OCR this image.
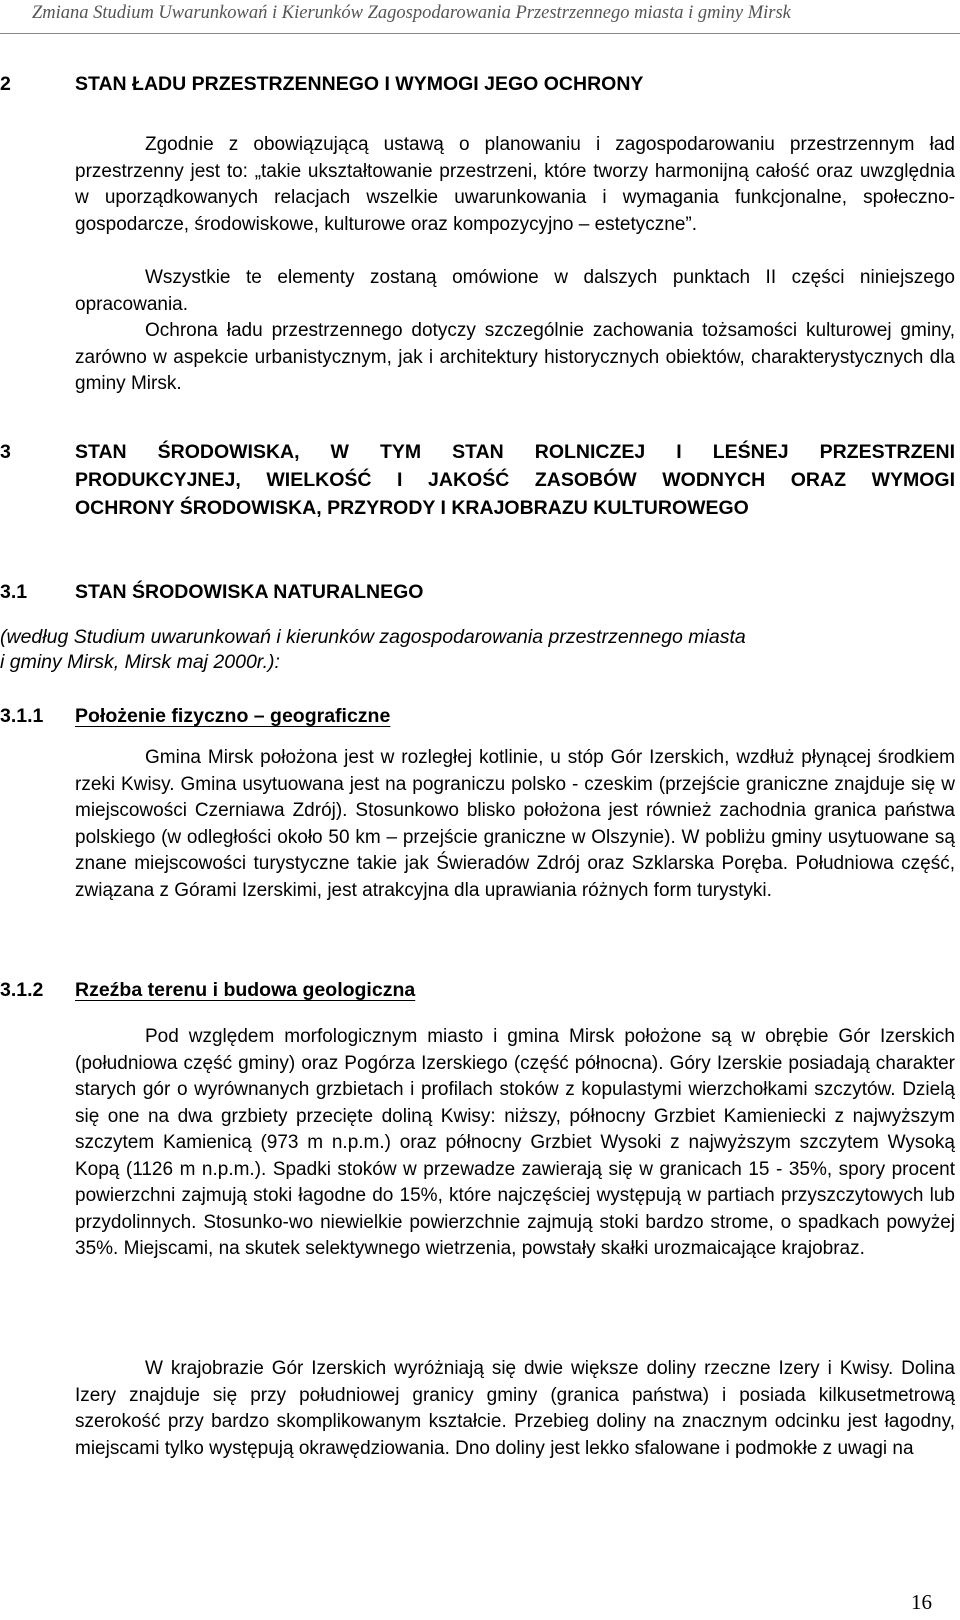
Zmiana Studium Uwarunkowań i Kierunków Zagospodarowania Przestrzennego miasta i gminy Mirsk
2	STAN ŁADU PRZESTRZENNEGO I WYMOGI JEGO OCHRONY

Zgodnie z obowiązującą ustawą o planowaniu i zagospodarowaniu przestrzennym ład przestrzenny jest to: „takie ukształtowanie przestrzeni, które tworzy harmonijną całość oraz uwzględnia w uporządkowanych relacjach wszelkie uwarunkowania i wymagania funkcjonalne, społeczno-gospodarcze, środowiskowe, kulturowe oraz kompozycyjno – estetyczne”.

Wszystkie te elementy zostaną omówione w dalszych punktach II części niniejszego opracowania.

Ochrona ładu przestrzennego dotyczy szczególnie zachowania tożsamości kulturowej gminy, zarówno w aspekcie urbanistycznym, jak i architektury historycznych obiektów, charakterystycznych dla gminy Mirsk.

3	STAN ŚRODOWISKA, W TYM STAN ROLNICZEJ I LEŚNEJ PRZESTRZENI
PRODUKCYJNEJ, WIELKOŚĆ I JAKOŚĆ ZASOBÓW WODNYCH ORAZ WYMOGI
OCHRONY ŚRODOWISKA, PRZYRODY I KRAJOBRAZU KULTUROWEGO
3.1 STAN ŚRODOWISKA NATURALNEGO
(według Studium uwarunkowań i kierunków zagospodarowania przestrzennego miasta
i gminy Mirsk, Mirsk maj 2000r.):
3.1.1 Położenie fizyczno – geograficzne

Gmina Mirsk położona jest w rozległej kotlinie, u stóp Gór Izerskich, wzdłuż płynącej środkiem rzeki Kwisy. Gmina usytuowana jest na pograniczu polsko - czeskim (przejście graniczne znajduje się w miejscowości Czerniawa Zdrój). Stosunkowo blisko położona jest również zachodnia granica państwa polskiego (w odległości około 50 km – przejście graniczne w Olszynie). W pobliżu gminy usytuowane są znane miejscowości turystyczne takie jak Świeradów Zdrój oraz Szklarska Poręba. Południowa część, związana z Górami Izerskimi, jest atrakcyjna dla uprawiania różnych form turystyki.

3.1.2 Rzeźba terenu i budowa geologiczna

Pod względem morfologicznym miasto i gmina Mirsk położone są w obrębie Gór Izerskich (południowa część gminy) oraz Pogórza Izerskiego (część północna). Góry Izerskie posiadają charakter starych gór o wyrównanych grzbietach i profilach stoków z kopulastymi wierzchołkami szczytów. Dzielą się one na dwa grzbiety przecięte doliną Kwisy: niższy, północny Grzbiet Kamieniecki z najwyższym szczytem Kamienicą (973 m n.p.m.) oraz północny Grzbiet Wysoki z najwyższym szczytem Wysoką Kopą (1126 m n.p.m.). Spadki stoków w przewadze zawierają się w granicach 15 - 35%, spory procent powierzchni zajmują stoki łagodne do 15%, które najczęściej występują w partiach przyszczytowych lub przydolinnych. Stosunko-wo niewielkie powierzchnie zajmują stoki bardzo strome, o spadkach powyżej 35%. Miejscami, na skutek selektywnego wietrzenia, powstały skałki urozmaicające krajobraz.

W krajobrazie Gór Izerskich wyróżniają się dwie większe doliny rzeczne Izery i Kwisy. Dolina Izery znajduje się przy południowej granicy gminy (granica państwa) i posiada kilkusetmetrową szerokość przy bardzo skomplikowanym kształcie. Przebieg doliny na znacznym odcinku jest łagodny, miejscami tylko występują okrawędziowania. Dno doliny jest lekko sfalowane i podmokłe z uwagi na

16
